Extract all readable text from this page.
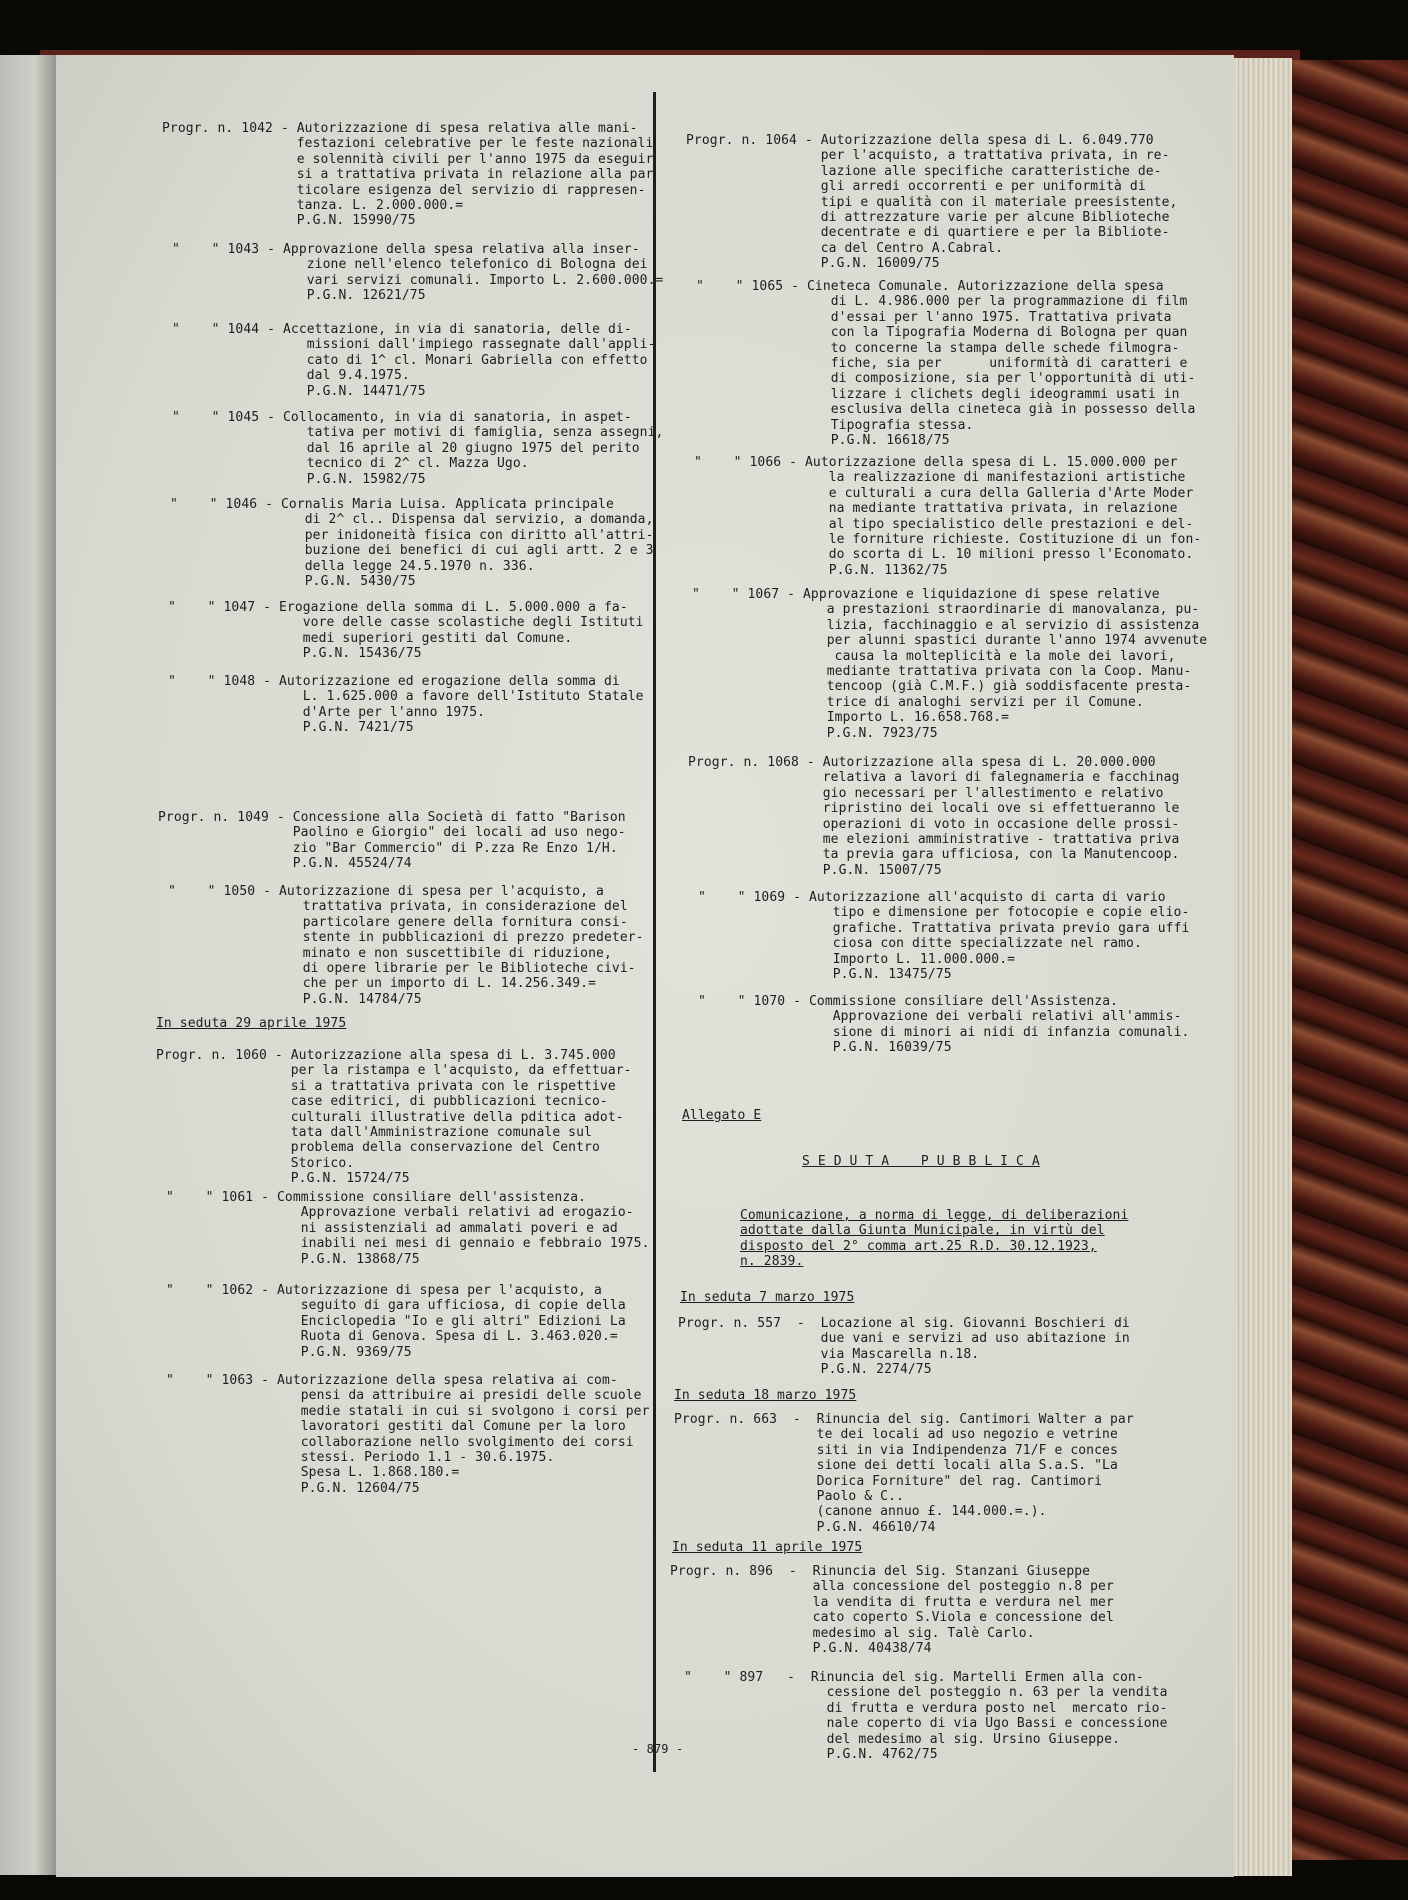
Progr. n. 1042 - Autorizzazione di spesa relativa alle mani-
festazioni celebrative per le feste nazionali
e solennità civili per l'anno 1975 da eseguir
si a trattativa privata in relazione alla par
ticolare esigenza del servizio di rappresen-
tanza. L. 2.000.000.=
P.G.N. 15990/75
"    " 1043 - Approvazione della spesa relativa alla inser-
zione nell'elenco telefonico di Bologna dei
vari servizi comunali. Importo L. 2.600.000.=
P.G.N. 12621/75
"    " 1044 - Accettazione, in via di sanatoria, delle di-
missioni dall'impiego rassegnate dall'appli-
cato di 1^ cl. Monari Gabriella con effetto
dal 9.4.1975.
P.G.N. 14471/75
"    " 1045 - Collocamento, in via di sanatoria, in aspet-
tativa per motivi di famiglia, senza assegni,
dal 16 aprile al 20 giugno 1975 del perito
tecnico di 2^ cl. Mazza Ugo.
P.G.N. 15982/75
"    " 1046 - Cornalis Maria Luisa. Applicata principale
di 2^ cl.. Dispensa dal servizio, a domanda,
per inidoneità fisica con diritto all'attri-
buzione dei benefici di cui agli artt. 2 e 3
della legge 24.5.1970 n. 336.
P.G.N. 5430/75
"    " 1047 - Erogazione della somma di L. 5.000.000 a fa-
vore delle casse scolastiche degli Istituti
medi superiori gestiti dal Comune.
P.G.N. 15436/75
"    " 1048 - Autorizzazione ed erogazione della somma di
L. 1.625.000 a favore dell'Istituto Statale
d'Arte per l'anno 1975.
P.G.N. 7421/75
Progr. n. 1049 - Concessione alla Società di fatto "Barison
Paolino e Giorgio" dei locali ad uso nego-
zio "Bar Commercio" di P.zza Re Enzo 1/H.
P.G.N. 45524/74
"    " 1050 - Autorizzazione di spesa per l'acquisto, a
trattativa privata, in considerazione del
particolare genere della fornitura consi-
stente in pubblicazioni di prezzo predeter-
minato e non suscettibile di riduzione,
di opere librarie per le Biblioteche civi-
che per un importo di L. 14.256.349.=
P.G.N. 14784/75
In seduta 29 aprile 1975
Progr. n. 1060 - Autorizzazione alla spesa di L. 3.745.000
per la ristampa e l'acquisto, da effettuar-
si a trattativa privata con le rispettive
case editrici, di pubblicazioni tecnico-
culturali illustrative della pditica adot-
tata dall'Amministrazione comunale sul
problema della conservazione del Centro
Storico.
P.G.N. 15724/75
"    " 1061 - Commissione consiliare dell'assistenza.
Approvazione verbali relativi ad erogazio-
ni assistenziali ad ammalati poveri e ad
inabili nei mesi di gennaio e febbraio 1975.
P.G.N. 13868/75
"    " 1062 - Autorizzazione di spesa per l'acquisto, a
seguito di gara ufficiosa, di copie della
Enciclopedia "Io e gli altri" Edizioni La
Ruota di Genova. Spesa di L. 3.463.020.=
P.G.N. 9369/75
"    " 1063 - Autorizzazione della spesa relativa ai com-
pensi da attribuire ai presidi delle scuole
medie statali in cui si svolgono i corsi per
lavoratori gestiti dal Comune per la loro
collaborazione nello svolgimento dei corsi
stessi. Periodo 1.1 - 30.6.1975.
Spesa L. 1.868.180.=
P.G.N. 12604/75
Progr. n. 1064 - Autorizzazione della spesa di L. 6.049.770
per l'acquisto, a trattativa privata, in re-
lazione alle specifiche caratteristiche de-
gli arredi occorrenti e per uniformità di
tipi e qualità con il materiale preesistente,
di attrezzature varie per alcune Biblioteche
decentrate e di quartiere e per la Bibliote-
ca del Centro A.Cabral.
P.G.N. 16009/75
"    " 1065 - Cineteca Comunale. Autorizzazione della spesa
di L. 4.986.000 per la programmazione di film
d'essai per l'anno 1975. Trattativa privata
con la Tipografia Moderna di Bologna per quan
to concerne la stampa delle schede filmogra-
fiche, sia per      uniformità di caratteri e
di composizione, sia per l'opportunità di uti-
lizzare i clichets degli ideogrammi usati in
esclusiva della cineteca già in possesso della
Tipografia stessa.
P.G.N. 16618/75
"    " 1066 - Autorizzazione della spesa di L. 15.000.000 per
la realizzazione di manifestazioni artistiche
e culturali a cura della Galleria d'Arte Moder
na mediante trattativa privata, in relazione
al tipo specialistico delle prestazioni e del-
le forniture richieste. Costituzione di un fon-
do scorta di L. 10 milioni presso l'Economato.
P.G.N. 11362/75
"    " 1067 - Approvazione e liquidazione di spese relative
a prestazioni straordinarie di manovalanza, pu-
lizia, facchinaggio e al servizio di assistenza
per alunni spastici durante l'anno 1974 avvenute
causa la molteplicità e la mole dei lavori,
mediante trattativa privata con la Coop. Manu-
tencoop (già C.M.F.) già soddisfacente presta-
trice di analoghi servizi per il Comune.
Importo L. 16.658.768.=
P.G.N. 7923/75
Progr. n. 1068 - Autorizzazione alla spesa di L. 20.000.000
relativa a lavori di falegnameria e facchinag
gio necessari per l'allestimento e relativo
ripristino dei locali ove si effettueranno le
operazioni di voto in occasione delle prossi-
me elezioni amministrative - trattativa priva
ta previa gara ufficiosa, con la Manutencoop.
P.G.N. 15007/75
"    " 1069 - Autorizzazione all'acquisto di carta di vario
tipo e dimensione per fotocopie e copie elio-
grafiche. Trattativa privata previo gara uffi
ciosa con ditte specializzate nel ramo.
Importo L. 11.000.000.=
P.G.N. 13475/75
"    " 1070 - Commissione consiliare dell'Assistenza.
Approvazione dei verbali relativi all'ammis-
sione di minori ai nidi di infanzia comunali.
P.G.N. 16039/75
Allegato E
S E D U T A    P U B B L I C A
Comunicazione, a norma di legge, di deliberazioni
adottate dalla Giunta Municipale, in virtù del
disposto del 2° comma art.25 R.D. 30.12.1923,
n. 2839.
In seduta 7 marzo 1975
Progr. n. 557  -  Locazione al sig. Giovanni Boschieri di
due vani e servizi ad uso abitazione in
via Mascarella n.18.
P.G.N. 2274/75
In seduta 18 marzo 1975
Progr. n. 663  -  Rinuncia del sig. Cantimori Walter a par
te dei locali ad uso negozio e vetrine
siti in via Indipendenza 71/F e conces
sione dei detti locali alla S.a.S. "La
Dorica Forniture" del rag. Cantimori
Paolo & C..
(canone annuo £. 144.000.=.).
P.G.N. 46610/74
In seduta 11 aprile 1975
Progr. n. 896  -  Rinuncia del Sig. Stanzani Giuseppe
alla concessione del posteggio n.8 per
la vendita di frutta e verdura nel mer
cato coperto S.Viola e concessione del
medesimo al sig. Talè Carlo.
P.G.N. 40438/74
"    " 897   -  Rinuncia del sig. Martelli Ermen alla con-
cessione del posteggio n. 63 per la vendita
di frutta e verdura posto nel  mercato rio-
nale coperto di via Ugo Bassi e concessione
del medesimo al sig. Ursino Giuseppe.
P.G.N. 4762/75
- 879 -
